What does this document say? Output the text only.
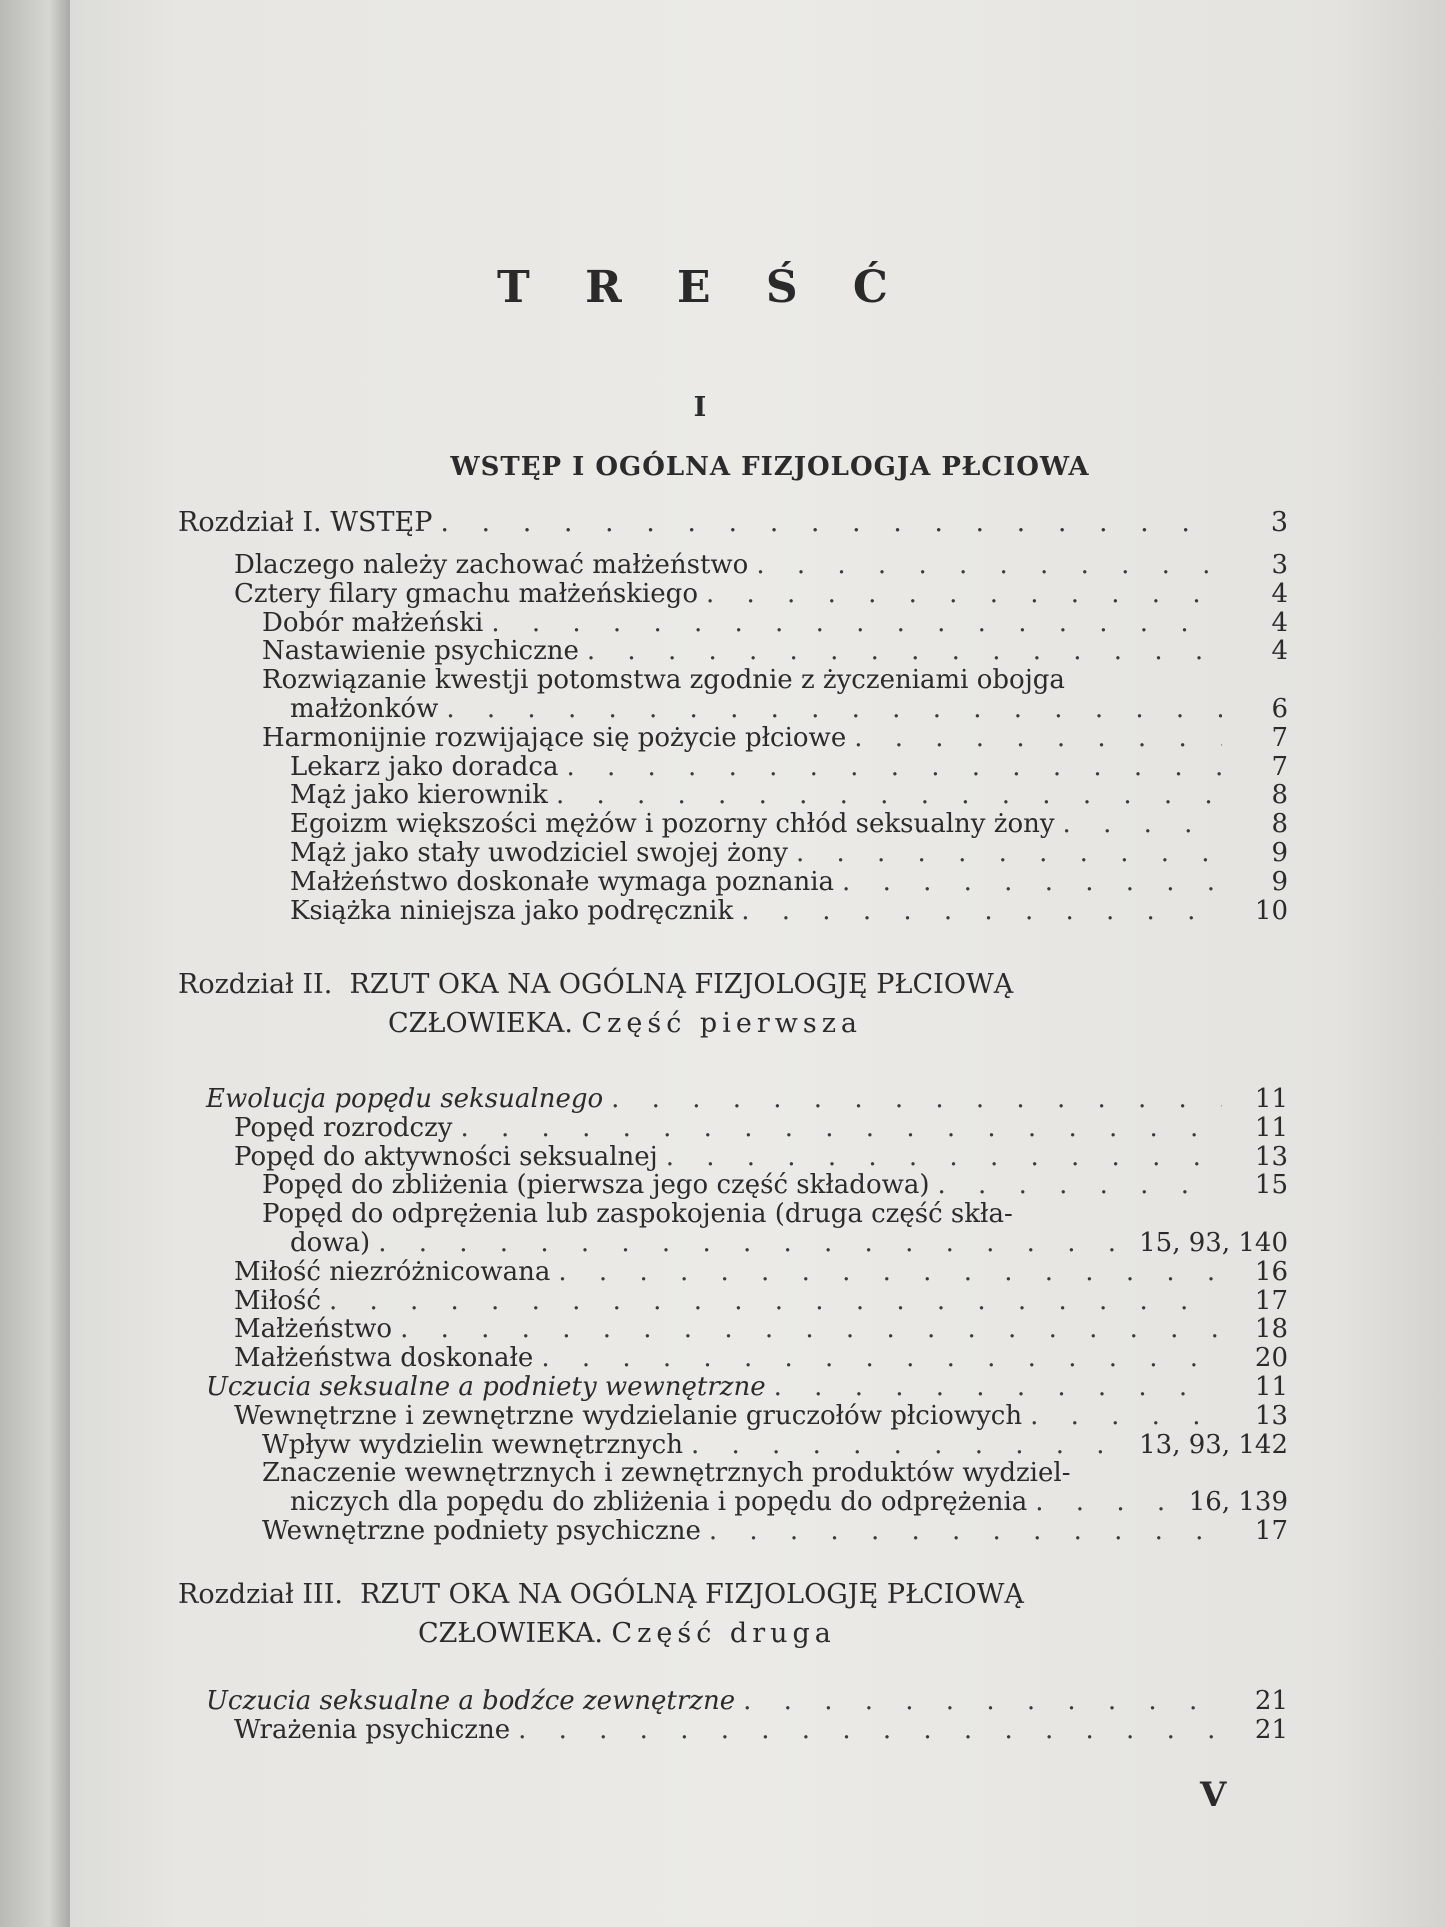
T R E Ś Ć
I
WSTĘP I OGÓLNA FIZJOLOGJA PŁCIOWA
Rozdział I. WSTĘP . . .	3
Dlaczego należy zachować małżeństwo . . .	3
Cztery filary gmachu małżeńskiego . . .	4
Dobór małżeński . . .	4
Nastawienie psychiczne . . .	4
Rozwiązanie kwestji potomstwa zgodnie z życzeniami obojga
małżonków . . .	6
Harmonijnie rozwijające się pożycie płciowe . . .	7
Lekarz jako doradca . . .	7
Mąż jako kierownik . . .	8
Egoizm większości mężów i pozorny chłód seksualny żony . . .	8
Mąż jako stały uwodziciel swojej żony . . .	9
Małżeństwo doskonałe wymaga poznania . . .	9
Książka niniejsza jako podręcznik . . .	10
Rozdział II. RZUT OKA NA OGÓLNĄ FIZJOLOGJĘ PŁCIOWĄ
CZŁOWIEKA. Część pierwsza
Ewolucja popędu seksualnego . . .	11
Popęd rozrodczy . . .	11
Popęd do aktywności seksualnej . . .	13
Popęd do zbliżenia (pierwsza jego część składowa) . . .	15
Popęd do odprężenia lub zaspokojenia (druga część skła-
dowa) . . .	15, 93, 140
Miłość niezróżnicowana . . .	16
Miłość . . .	17
Małżeństwo . . .	18
Małżeństwa doskonałe . . .	20
Uczucia seksualne a podniety wewnętrzne . . .	11
Wewnętrzne i zewnętrzne wydzielanie gruczołów płciowych . . .	13
Wpływ wydzielin wewnętrznych . . .	13, 93, 142
Znaczenie wewnętrznych i zewnętrznych produktów wydziel-
niczych dla popędu do zbliżenia i popędu do odprężenia . . .	16, 139
Wewnętrzne podniety psychiczne . . .	17
Rozdział III. RZUT OKA NA OGÓLNĄ FIZJOLOGJĘ PŁCIOWĄ
CZŁOWIEKA. Część druga
Uczucia seksualne a bodźce zewnętrzne . . .	21
Wrażenia psychiczne . . .	21
V
